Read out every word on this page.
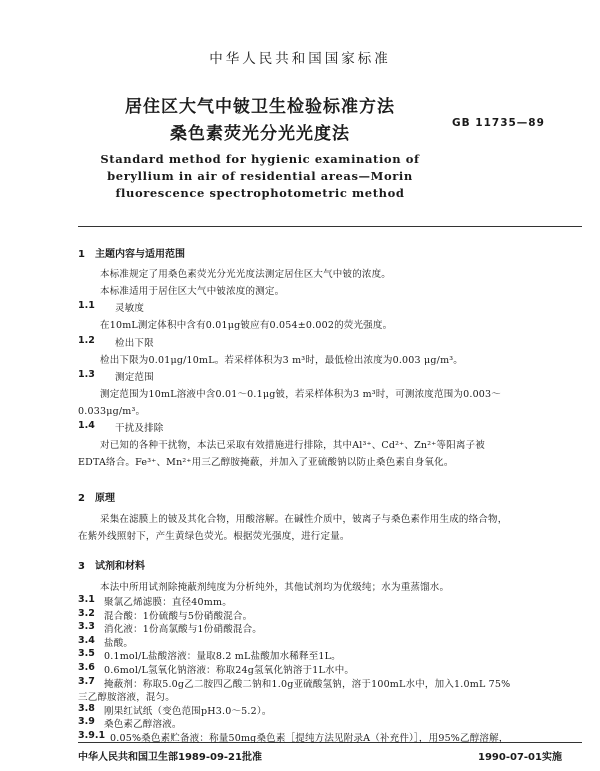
中华人民共和国国家标准
居住区大气中铍卫生检验标准方法
桑色素荧光分光光度法
GB 11735—89
Standard method for hygienic examination of
beryllium in air of residential areas—Morin
fluorescence spectrophotometric method
1　主题内容与适用范围
本标准规定了用桑色素荧光分光光度法测定居住区大气中铍的浓度。
本标准适用于居住区大气中铍浓度的测定。
1.1 灵敏度
在10mL测定体积中含有0.01μg铍应有0.054±0.002的荧光强度。
1.2 检出下限
检出下限为0.01μg/10mL。若采样体积为3 m³时，最低检出浓度为0.003 μg/m³。
1.3 测定范围
测定范围为10mL溶液中含0.01～0.1μg铍，若采样体积为3 m³时，可测浓度范围为0.003～
0.033μg/m³。
1.4 干扰及排除
对已知的各种干扰物，本法已采取有效措施进行排除，其中Al³⁺、Cd²⁺、Zn²⁺等阳离子被
EDTA络合。Fe³⁺、Mn²⁺用三乙醇胺掩蔽，并加入了亚硫酸钠以防止桑色素自身氧化。
2　原理
采集在滤膜上的铍及其化合物，用酸溶解。在碱性介质中，铍离子与桑色素作用生成的络合物，
在紫外线照射下，产生黄绿色荧光。根据荧光强度，进行定量。
3　试剂和材料
本法中所用试剂除掩蔽剂纯度为分析纯外，其他试剂均为优级纯；水为重蒸馏水。
中华人民共和国卫生部1989-09-21批准	1990-07-01实施
3.1 聚氯乙烯滤膜：直径40mm。
3.2 混合酸：1份硫酸与5份硝酸混合。
3.3 消化液：1份高氯酸与1份硝酸混合。
3.4 盐酸。
3.5 0.1mol/L盐酸溶液：量取8.2 mL盐酸加水稀释至1L。
3.6 0.6mol/L氢氧化钠溶液：称取24g氢氧化钠溶于1L水中。
3.7 掩蔽剂：称取5.0g乙二胺四乙酸二钠和1.0g亚硫酸氢钠，溶于100mL水中，加入1.0mL 75%
三乙醇胺溶液，混匀。
3.8 刚果红试纸（变色范围pH3.0～5.2）。
3.9 桑色素乙醇溶液。
3.9.1 0.05%桑色素贮备液：称量50mg桑色素［提纯方法见附录A（补充件）］，用95%乙醇溶解，
